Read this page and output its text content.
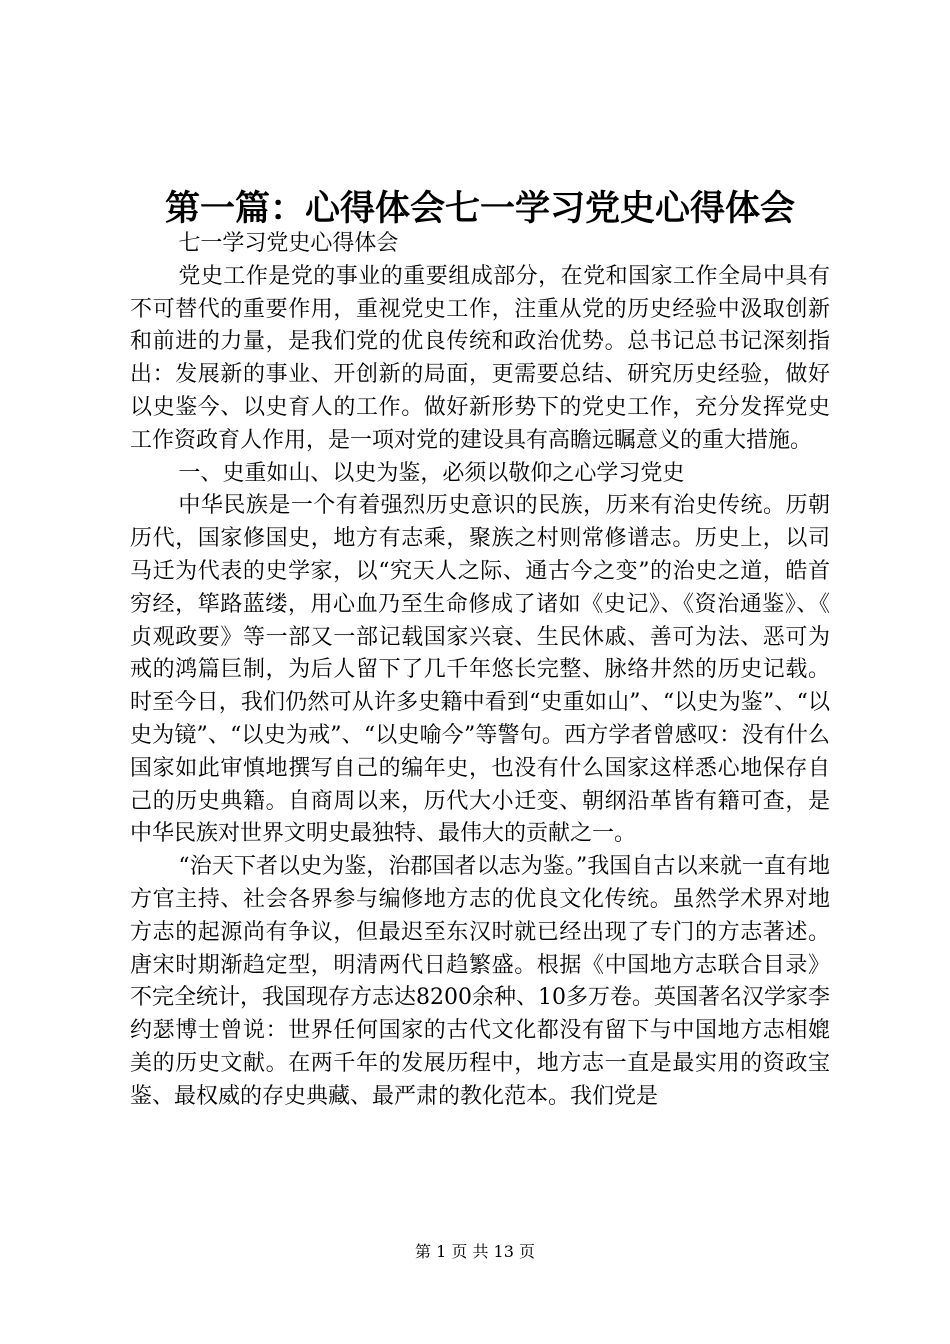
第一篇：心得体会七一学习党史心得体会

七一学习党史心得体会

党史工作是党的事业的重要组成部分，在党和国家工作全局中具有不可替代的重要作用，重视党史工作，注重从党的历史经验中汲取创新和前进的力量，是我们党的优良传统和政治优势。总书记总书记深刻指出：发展新的事业、开创新的局面，更需要总结、研究历史经验，做好以史鉴今、以史育人的工作。做好新形势下的党史工作，充分发挥党史工作资政育人作用，是一项对党的建设具有高瞻远瞩意义的重大措施。

一、史重如山、以史为鉴，必须以敬仰之心学习党史

中华民族是一个有着强烈历史意识的民族，历来有治史传统。历朝历代，国家修国史，地方有志乘，聚族之村则常修谱志。历史上，以司马迁为代表的史学家，以“究天人之际、通古今之变”的治史之道，皓首穷经，筚路蓝缕，用心血乃至生命修成了诸如《史记》、《资治通鉴》、《贞观政要》等一部又一部记载国家兴衰、生民休戚、善可为法、恶可为戒的鸿篇巨制，为后人留下了几千年悠长完整、脉络井然的历史记载。时至今日，我们仍然可从许多史籍中看到“史重如山”、“以史为鉴”、“以史为镜”、“以史为戒”、“以史喻今”等警句。西方学者曾感叹：没有什么国家如此审慎地撰写自己的编年史，也没有什么国家这样悉心地保存自己的历史典籍。自商周以来，历代大小迁变、朝纲沿革皆有籍可查，是中华民族对世界文明史最独特、最伟大的贡献之一。

“治天下者以史为鉴，治郡国者以志为鉴。”我国自古以来就一直有地方官主持、社会各界参与编修地方志的优良文化传统。虽然学术界对地方志的起源尚有争议，但最迟至东汉时就已经出现了专门的方志著述。唐宋时期渐趋定型，明清两代日趋繁盛。根据《中国地方志联合目录》不完全统计，我国现存方志达8200余种、10多万卷。英国著名汉学家李约瑟博士曾说：世界任何国家的古代文化都没有留下与中国地方志相媲美的历史文献。在两千年的发展历程中，地方志一直是最实用的资政宝鉴、最权威的存史典藏、最严肃的教化范本。我们党是

第 1 页 共 13 页
